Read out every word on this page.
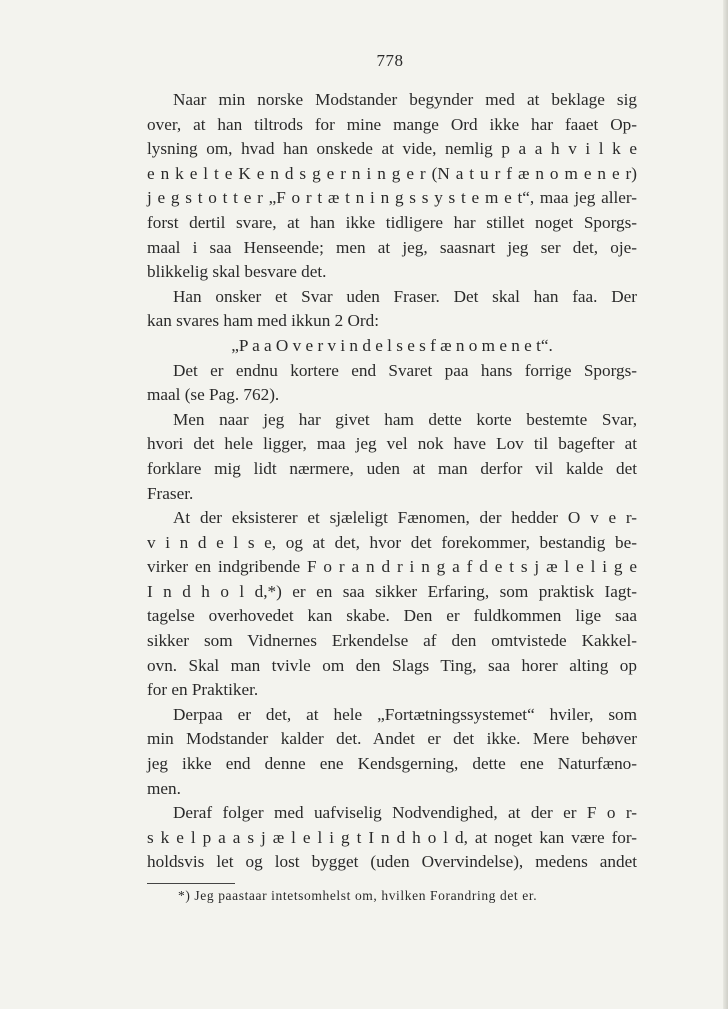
778
Naar min norske Modstander begynder med at beklage sig
over, at han tiltrods for mine mange Ord ikke har faaet Op-
lysning om, hvad han onskede at vide, nemlig p a a h v i l k e
e n k e l t e K e n d s g e r n i n g e r (N a t u r f æ n o m e n e r)
j e g s t o t t e r „F o r t æ t n i n g s s y s t e m e t“, maa jeg aller-
forst dertil svare, at han ikke tidligere har stillet noget Sporgs-
maal i saa Henseende; men at jeg, saasnart jeg ser det, oje-
blikkelig skal besvare det.
Han onsker et Svar uden Fraser. Det skal han faa. Der
kan svares ham med ikkun 2 Ord:
„P a a O v e r v i n d e l s e s f æ n o m e n e t“.
Det er endnu kortere end Svaret paa hans forrige Sporgs-
maal (se Pag. 762).
Men naar jeg har givet ham dette korte bestemte Svar,
hvori det hele ligger, maa jeg vel nok have Lov til bagefter at
forklare mig lidt nærmere, uden at man derfor vil kalde det
Fraser.
At der eksisterer et sjæleligt Fænomen, der hedder O v e r-
v i n d e l s e, og at det, hvor det forekommer, bestandig be-
virker en indgribende F o r a n d r i n g a f d e t s j æ l e l i g e
I n d h o l d,*) er en saa sikker Erfaring, som praktisk Iagt-
tagelse overhovedet kan skabe. Den er fuldkommen lige saa
sikker som Vidnernes Erkendelse af den omtvistede Kakkel-
ovn. Skal man tvivle om den Slags Ting, saa horer alting op
for en Praktiker.
Derpaa er det, at hele „Fortætningssystemet“ hviler, som
min Modstander kalder det. Andet er det ikke. Mere behøver
jeg ikke end denne ene Kendsgerning, dette ene Naturfæno-
men.
Deraf folger med uafviselig Nodvendighed, at der er F o r-
s k e l p a a s j æ l e l i g t I n d h o l d, at noget kan være for-
holdsvis let og lost bygget (uden Overvindelse), medens andet
*) Jeg paastaar intetsomhelst om, hvilken Forandring det er.
